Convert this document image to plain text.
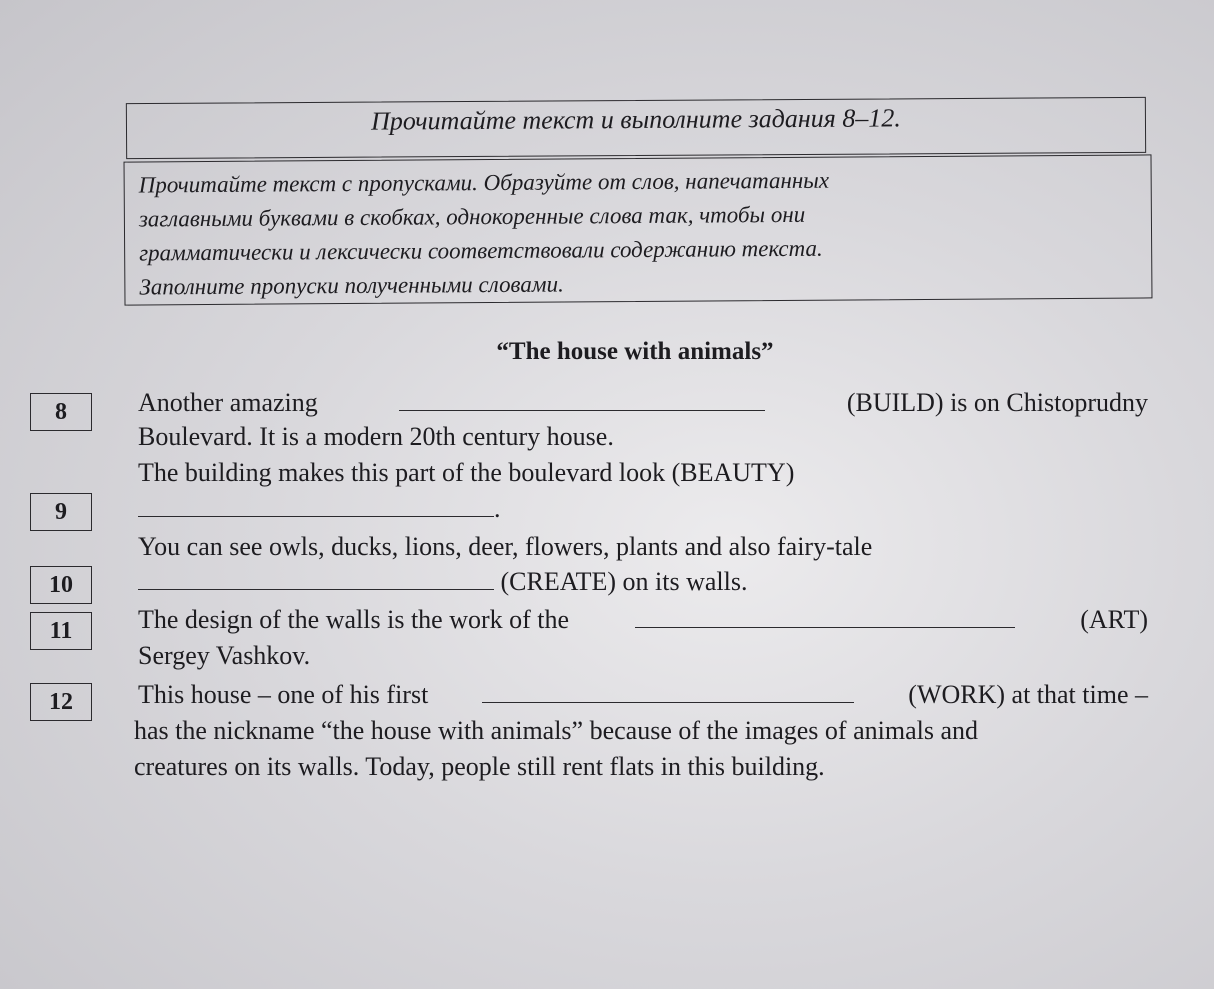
Прочитайте текст и выполните задания 8–12.
Прочитайте текст с пропусками. Образуйте от слов, напечатанных
заглавными буквами в скобках, однокоренные слова так, чтобы они
грамматически и лексически соответствовали содержанию текста.
Заполните пропуски полученными словами.
“The house with animals”
8	Another amazing	(BUILD) is on Chistoprudny
Boulevard. It is a modern 20th century house.
The building makes this part of the boulevard look (BEAUTY)
9	.
You can see owls, ducks, lions, deer, flowers, plants and also fairy-tale
10	(CREATE) on its walls.
11	The design of the walls is the work of the	(ART)
Sergey Vashkov.
12	This house – one of his first	(WORK) at that time –
has the nickname “the house with animals” because of the images of animals and
creatures on its walls. Today, people still rent flats in this building.
